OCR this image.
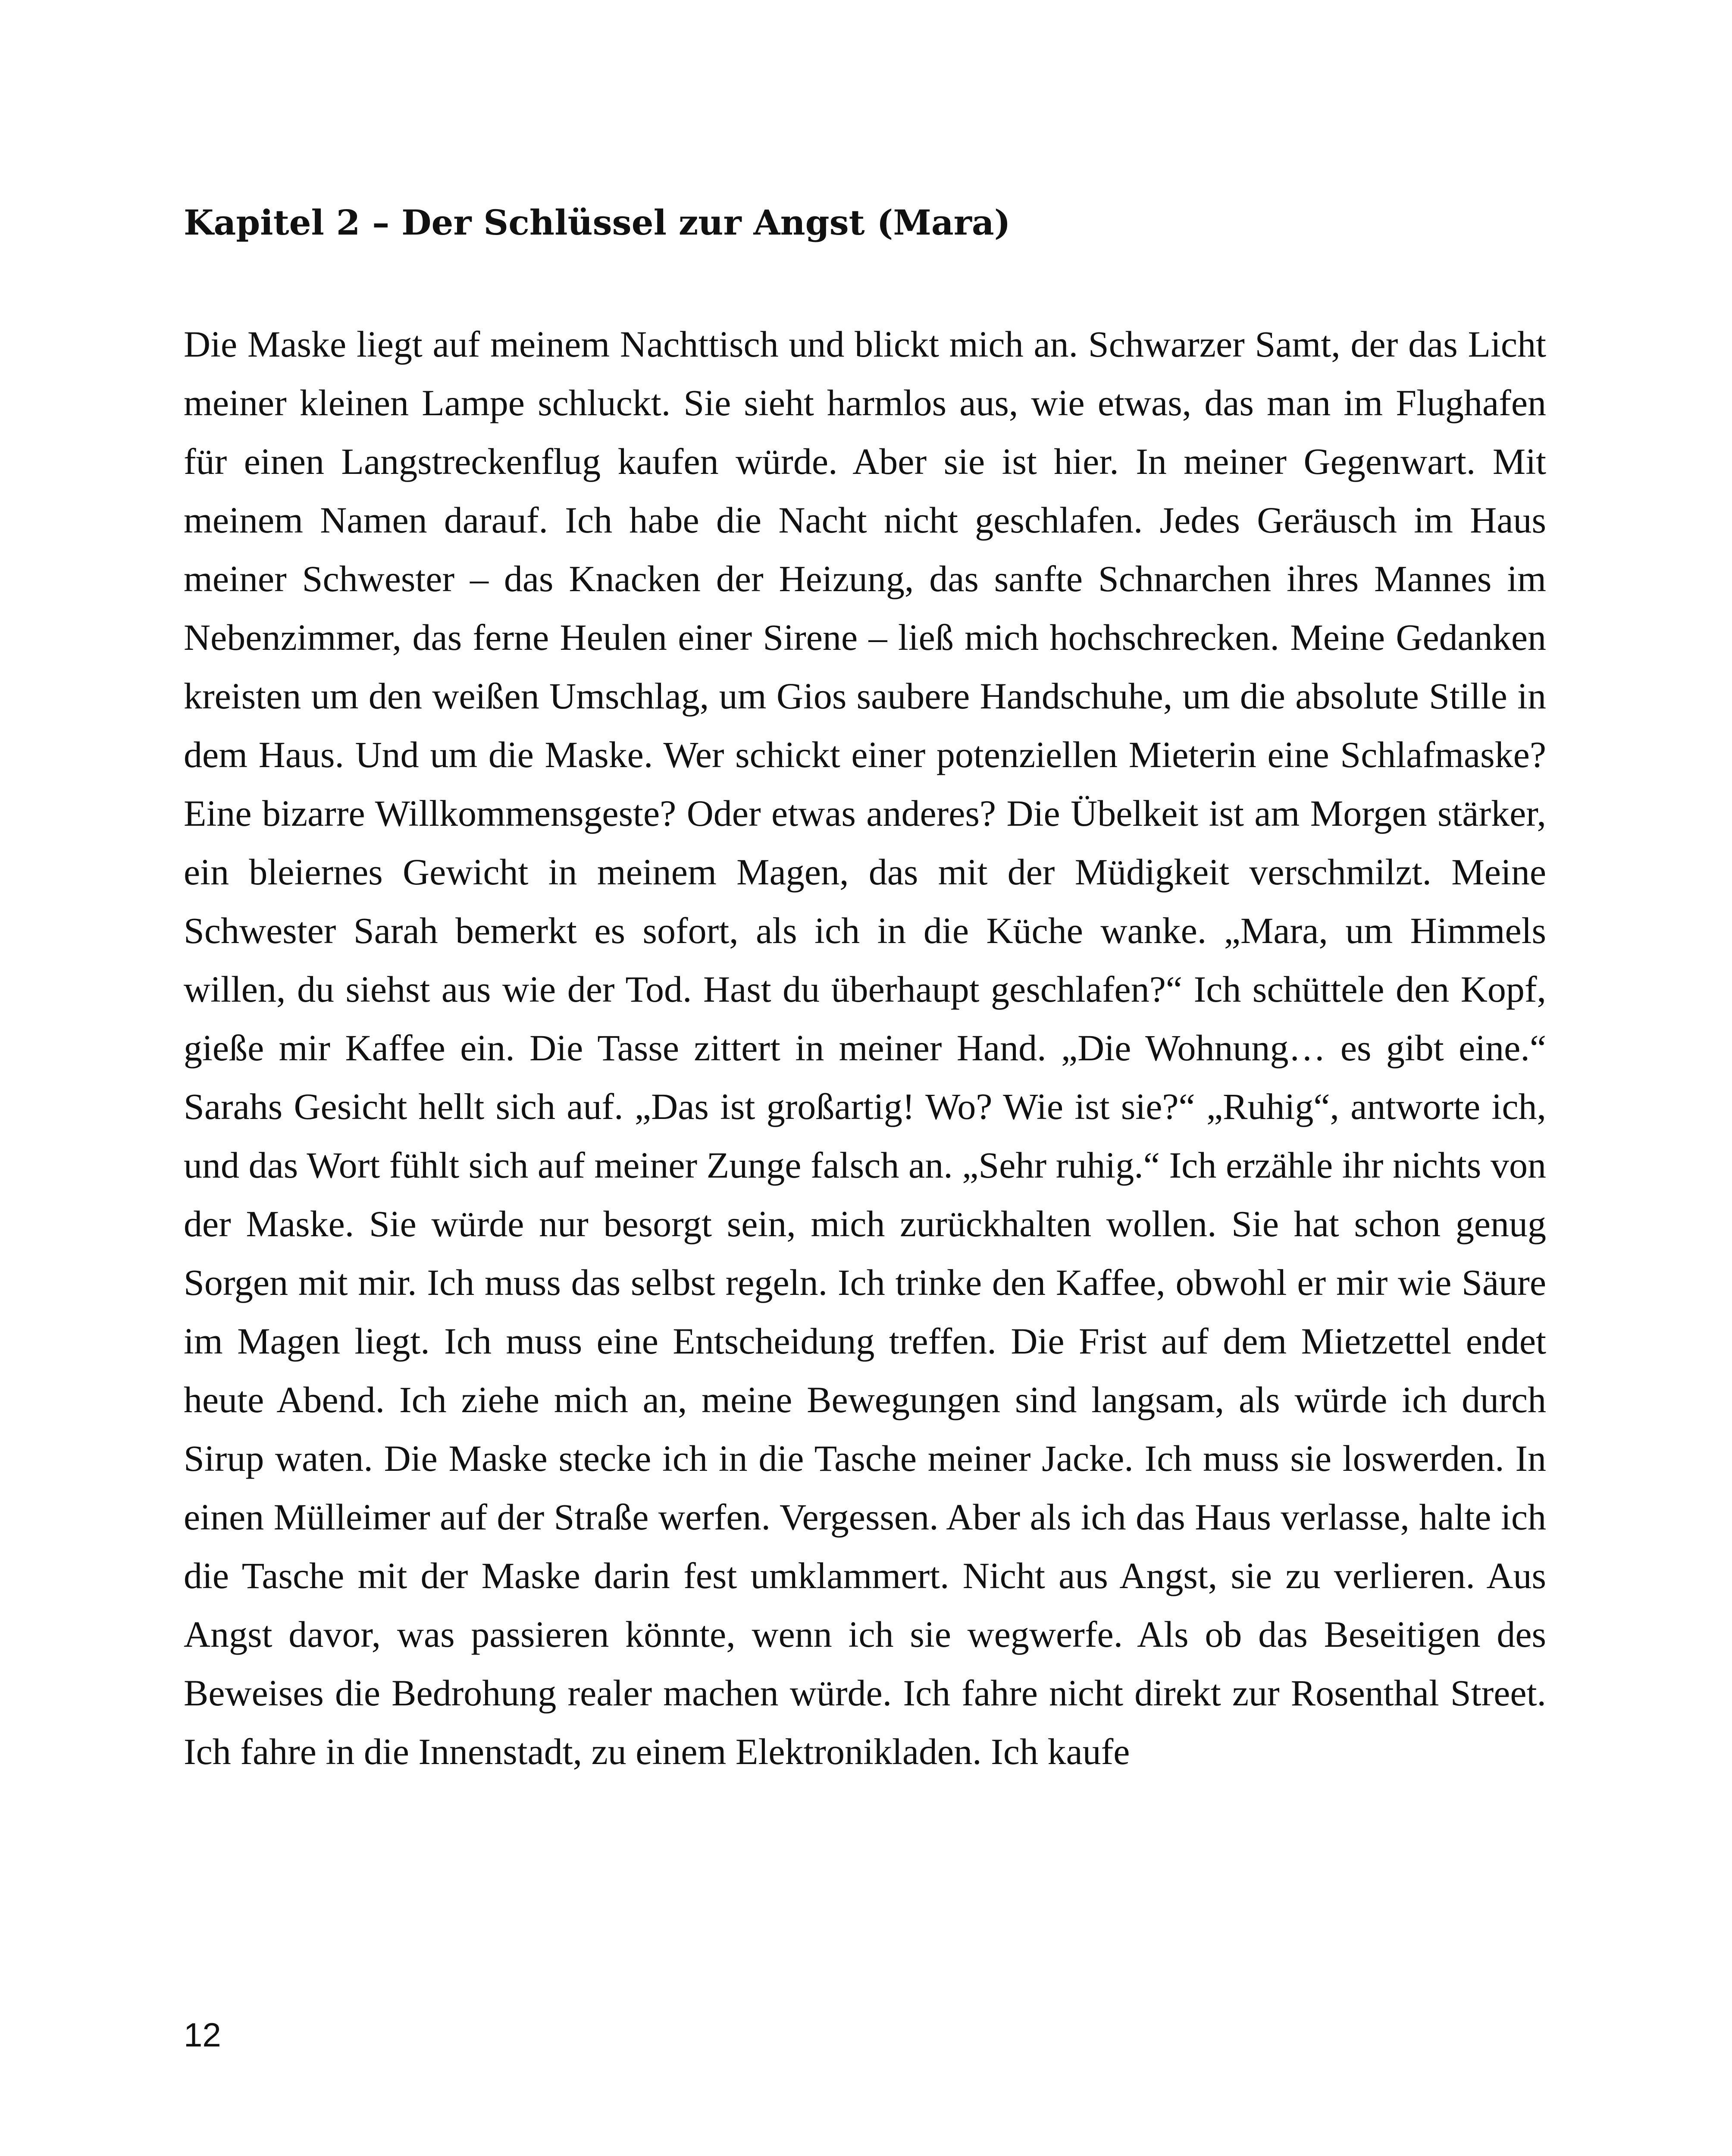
Kapitel 2 – Der Schlüssel zur Angst (Mara)

Die Maske liegt auf meinem Nachttisch und blickt mich an. Schwarzer Samt, der das Licht meiner kleinen Lampe schluckt. Sie sieht harmlos aus, wie etwas, das man im Flughafen für einen Langstreckenflug kaufen würde. Aber sie ist hier. In meiner Gegenwart. Mit meinem Namen darauf. Ich habe die Nacht nicht geschlafen. Jedes Geräusch im Haus meiner Schwester – das Knacken der Heizung, das sanfte Schnarchen ihres Mannes im Nebenzimmer, das ferne Heulen einer Sirene – ließ mich hochschrecken. Meine Gedanken kreisten um den weißen Umschlag, um Gios saubere Handschuhe, um die absolute Stille in dem Haus. Und um die Maske. Wer schickt einer potenziellen Mieterin eine Schlafmaske? Eine bizarre Willkommensgeste? Oder etwas anderes? Die Übelkeit ist am Morgen stärker, ein bleiernes Gewicht in meinem Magen, das mit der Müdigkeit verschmilzt. Meine Schwester Sarah bemerkt es sofort, als ich in die Küche wanke. „Mara, um Himmels willen, du siehst aus wie der Tod. Hast du überhaupt geschlafen?“ Ich schüttele den Kopf, gieße mir Kaffee ein. Die Tasse zittert in meiner Hand. „Die Wohnung… es gibt eine.“ Sarahs Gesicht hellt sich auf. „Das ist großartig! Wo? Wie ist sie?“ „Ruhig“, antworte ich, und das Wort fühlt sich auf meiner Zunge falsch an. „Sehr ruhig.“ Ich erzähle ihr nichts von der Maske. Sie würde nur besorgt sein, mich zurückhalten wollen. Sie hat schon genug Sorgen mit mir. Ich muss das selbst regeln. Ich trinke den Kaffee, obwohl er mir wie Säure im Magen liegt. Ich muss eine Entscheidung treffen. Die Frist auf dem Mietzettel endet heute Abend. Ich ziehe mich an, meine Bewegungen sind langsam, als würde ich durch Sirup waten. Die Maske stecke ich in die Tasche meiner Jacke. Ich muss sie loswerden. In einen Mülleimer auf der Straße werfen. Vergessen. Aber als ich das Haus verlasse, halte ich die Tasche mit der Maske darin fest umklammert. Nicht aus Angst, sie zu verlieren. Aus Angst davor, was passieren könnte, wenn ich sie wegwerfe. Als ob das Beseitigen des Beweises die Bedrohung realer machen würde. Ich fahre nicht direkt zur Rosenthal Street. Ich fahre in die Innenstadt, zu einem Elektronikladen. Ich kaufe

12
